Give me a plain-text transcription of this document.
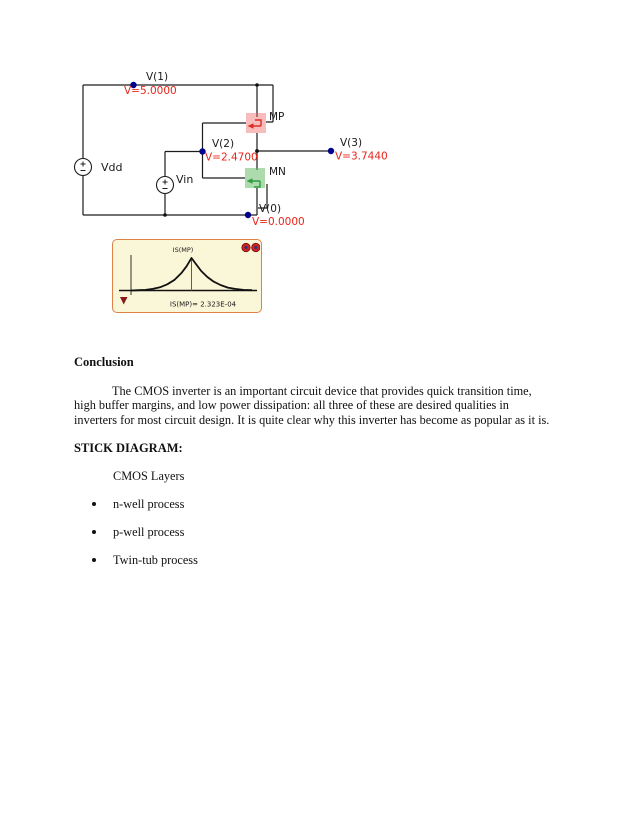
V(1)
V=5.0000
Vdd
Vin
V(2)
V=2.4700
MP
MN
V(3)
V=3.7440
V(0)
V=0.0000
IS(MP)
IS(MP)= 2.323E-04
Conclusion
The CMOS inverter is an important circuit device that provides quick transition time,
high buffer margins, and low power dissipation: all three of these are desired qualities in
inverters for most circuit design. It is quite clear why this inverter has become as popular as it is.
STICK DIAGRAM:
CMOS Layers
n-well process
p-well process
Twin-tub process
